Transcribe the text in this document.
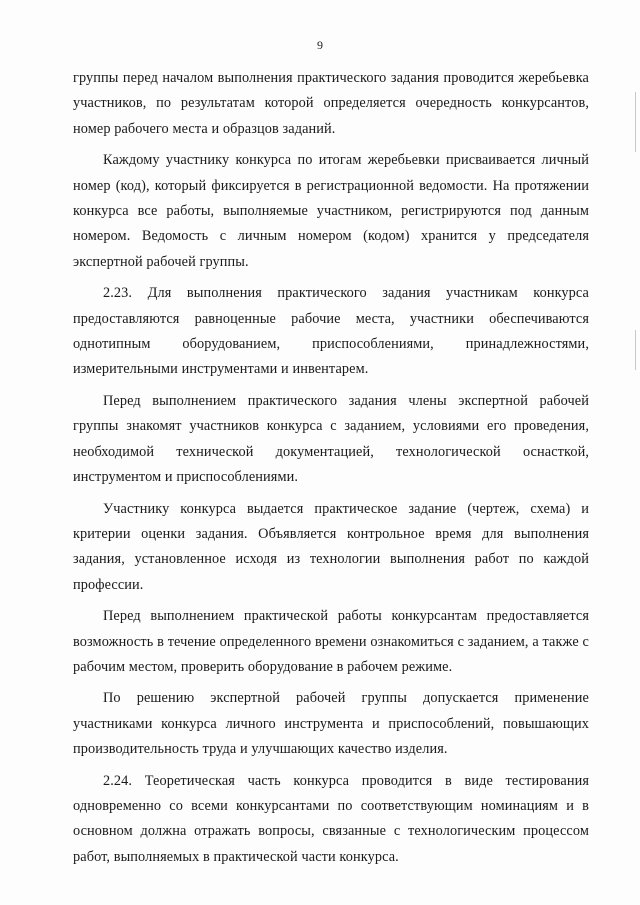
9

группы перед началом выполнения практического задания проводится жеребьевка участников, по результатам которой определяется очередность конкурсантов, номер рабочего места и образцов заданий.

Каждому участнику конкурса по итогам жеребьевки присваивается личный номер (код), который фиксируется в регистрационной ведомости. На протяжении конкурса все работы, выполняемые участником, регистрируются под данным номером. Ведомость с личным номером (кодом) хранится у председателя экспертной рабочей группы.

2.23. Для выполнения практического задания участникам конкурса предоставляются равноценные рабочие места, участники обеспечиваются однотипным оборудованием, приспособлениями, принадлежностями, измерительными инструментами и инвентарем.

Перед выполнением практического задания члены экспертной рабочей группы знакомят участников конкурса с заданием, условиями его проведения, необходимой технической документацией, технологической оснасткой, инструментом и приспособлениями.

Участнику конкурса выдается практическое задание (чертеж, схема) и критерии оценки задания. Объявляется контрольное время для выполнения задания, установленное исходя из технологии выполнения работ по каждой профессии.

Перед выполнением практической работы конкурсантам предоставляется возможность в течение определенного времени ознакомиться с заданием, а также с рабочим местом, проверить оборудование в рабочем режиме.

По решению экспертной рабочей группы допускается применение участниками конкурса личного инструмента и приспособлений, повышающих производительность труда и улучшающих качество изделия.

2.24. Теоретическая часть конкурса проводится в виде тестирования одновременно со всеми конкурсантами по соответствующим номинациям и в основном должна отражать вопросы, связанные с технологическим процессом работ, выполняемых в практической части конкурса.
